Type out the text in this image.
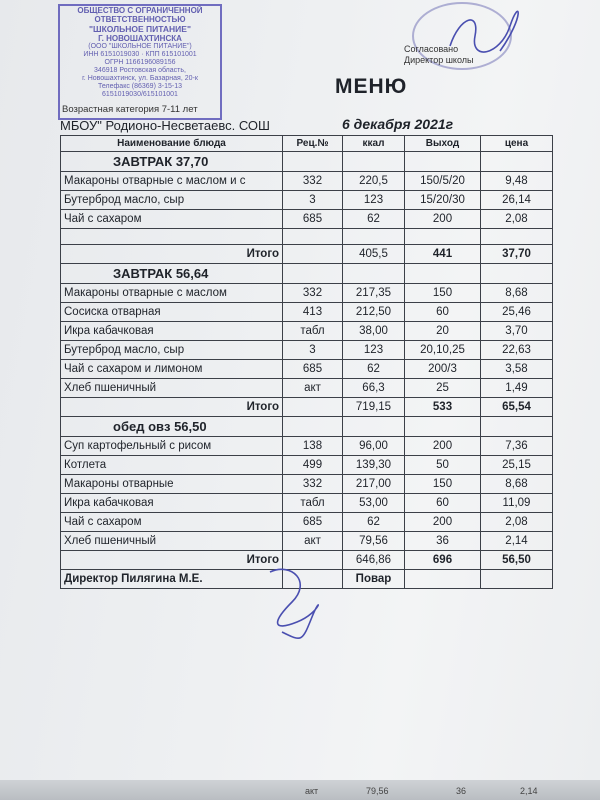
ОБЩЕСТВО С ОГРАНИЧЕННОЙ
ОТВЕТСТВЕННОСТЬЮ
"ШКОЛЬНОЕ ПИТАНИЕ"
Г. НОВОШАХТИНСКА
(ООО "ШКОЛЬНОЕ ПИТАНИЕ")
ИНН 6151019030 · КПП 615101001
ОГРН 1166196089156
346918 Ростовская область,
г. Новошахтинск, ул. Базарная, 20-к
Телефакс (86369) 3-15-13
6151019030/615101001
Возрастная категория 7-11 лет
Согласовано
Директор школы
МЕНЮ
МБОУ" Родионо-Несветаевс. СОШ	6 декабря 2021г
Наименование блюда	Рец.№	ккал	Выход	цена
ЗАВТРАК 37,70				
Макароны отварные с маслом и с	332	220,5	150/5/20	9,48
Бутерброд масло, сыр	3	123	15/20/30	26,14
Чай с сахаром	685	62	200	2,08

Итого		405,5	441	37,70
ЗАВТРАК 56,64				
Макароны отварные с маслом	332	217,35	150	8,68
Сосиска отварная	413	212,50	60	25,46
Икра кабачковая	табл	38,00	20	3,70
Бутерброд масло, сыр	3	123	20,10,25	22,63
Чай с сахаром и лимоном	685	62	200/3	3,58
Хлеб пшеничный	акт	66,3	25	1,49
Итого		719,15	533	65,54
обед овз 56,50				
Суп картофельный с рисом	138	96,00	200	7,36
Котлета	499	139,30	50	25,15
Макароны отварные	332	217,00	150	8,68
Икра кабачковая	табл	53,00	60	11,09
Чай с сахаром	685	62	200	2,08
Хлеб пшеничный	акт	79,56	36	2,14
Итого		646,86	696	56,50
Директор Пилягина М.Е.		Повар		
акт	79,56	36	2,14
